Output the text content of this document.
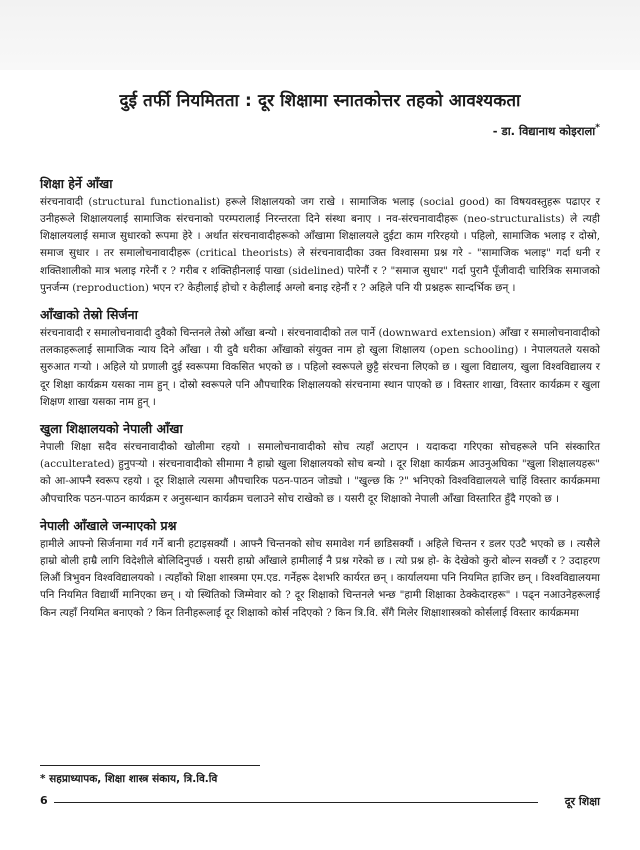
दुई तर्फी नियमितता : दूर शिक्षामा स्नातकोत्तर तहको आवश्यकता
- डा. विद्यानाथ कोइराला*
शिक्षा हेर्ने आँखा
संरचनावादी (structural functionalist) हरूले शिक्षालयको जग राखे । सामाजिक भलाइ (social good) का विषयवस्तुहरू पढाएर र उनीहरूले शिक्षालयलाई सामाजिक संरचनाको परम्परालाई निरन्तरता दिने संस्था बनाए । नव-संरचनावादीहरू (neo-structuralists) ले त्यही शिक्षालयलाई समाज सुधारको रूपमा हेरे । अर्थात संरचनावादीहरूको आँखामा शिक्षालयले दुईटा काम गरिरहयो । पहिलो, सामाजिक भलाइ र दोस्रो, समाज सुधार । तर समालोचनावादीहरू (critical theorists) ले संरचनावादीका उक्त विश्वासमा प्रश्न गरे - "सामाजिक भलाइ" गर्दा धनी र शक्तिशालीको मात्र भलाइ गरेनौं र ? गरीब र शक्तिहीनलाई पाखा (sidelined) पारेनौं र ? "समाज सुधार" गर्दा पुरानै पूँजीवादी चारित्रिक समाजको पुनर्जन्म (reproduction) भएन र? केहीलाई होचो र केहीलाई अग्लो बनाइ रहेनौं र ? अहिले पनि यी प्रश्नहरू सान्दर्भिक छन् ।
आँखाको तेस्रो सिर्जना
संरचनावादी र समालोचनावादी दुवैको चिन्तनले तेस्रो आँखा बन्यो । संरचनावादीको तल पार्ने (downward extension) आँखा र समालोचनावादीको तलकाहरूलाई सामाजिक न्याय दिने आँखा । यी दुवै धरीका आँखाको संयुक्त नाम हो खुला शिक्षालय (open schooling) । नेपालयतले यसको सुरुआत गर्‍यो । अहिले यो प्रणाली दुई स्वरूपमा विकसित भएको छ । पहिलो स्वरूपले छुट्टै संरचना लिएको छ । खुला विद्यालय, खुला विश्वविद्यालय र दूर शिक्षा कार्यक्रम यसका नाम हुन् । दोस्रो स्वरूपले पनि औपचारिक शिक्षालयको संरचनामा स्थान पाएको छ । विस्तार शाखा, विस्तार कार्यक्रम र खुला शिक्षण शाखा यसका नाम हुन् ।
खुला शिक्षालयको नेपाली आँखा
नेपाली शिक्षा सदैव संरचनावादीको खोलीमा रहयो । समालोचनावादीको सोच त्यहाँ अटाएन । यदाकदा गरिएका सोचहरूले पनि संस्कारित (acculterated) हुनुपर्‍यो । संरचनावादीको सीमामा नै हाम्रो खुला शिक्षालयको सोच बन्यो । दूर शिक्षा कार्यक्रम आउनुअघिका "खुला शिक्षालयहरू" को आ-आफ्नै स्वरूप रहयो । दूर शिक्षाले त्यसमा औपचारिक पठन-पाठन जोड्यो । "खुल्छ कि ?" भनिएको विश्वविद्यालयले चाहिं विस्तार कार्यक्रममा औपचारिक पठन-पाठन कार्यक्रम र अनुसन्धान कार्यक्रम चलाउने सोच राखेको छ । यसरी दूर शिक्षाको नेपाली आँखा विस्तारित हुँदै गएको छ ।
नेपाली आँखाले जन्माएको प्रश्न
हामीले आफ्नो सिर्जनामा गर्व गर्ने बानी हटाइसक्यौं । आफ्नै चिन्तनको सोच समावेश गर्न छाडिसक्यौं । अहिले चिन्तन र डलर एउटै भएको छ । त्यसैले हाम्रो बोली हाम्रै लागि विदेशीले बोलिदिनुपर्छ । यसरी हाम्रो आँखाले हामीलाई नै प्रश्न गरेको छ । त्यो प्रश्न हो- के देखेको कुरो बोल्न सक्छौं र ? उदाहरण लिऔं त्रिभुवन विश्वविद्यालयको । त्यहाँको शिक्षा शास्त्रमा एम.एड. गर्नेहरू देशभरि कार्यरत छन् । कार्यालयमा पनि नियमित हाजिर छन् । विश्वविद्यालयमा पनि नियमित विद्यार्थी मानिएका छन् । यो स्थितिको जिम्मेवार को ? दूर शिक्षाको चिन्तनले भन्छ "हामी शिक्षाका ठेक्केदारहरू" । पढ्न नआउनेहरूलाई किन त्यहाँ नियमित बनाएको ? किन तिनीहरूलाई दूर शिक्षाको कोर्स नदिएको ? किन त्रि.वि. सँगै मिलेर शिक्षाशास्त्रको कोर्सलाई विस्तार कार्यक्रममा
* सहप्राध्यापक, शिक्षा शास्त्र संकाय, त्रि.वि.वि
6	दूर शिक्षा
